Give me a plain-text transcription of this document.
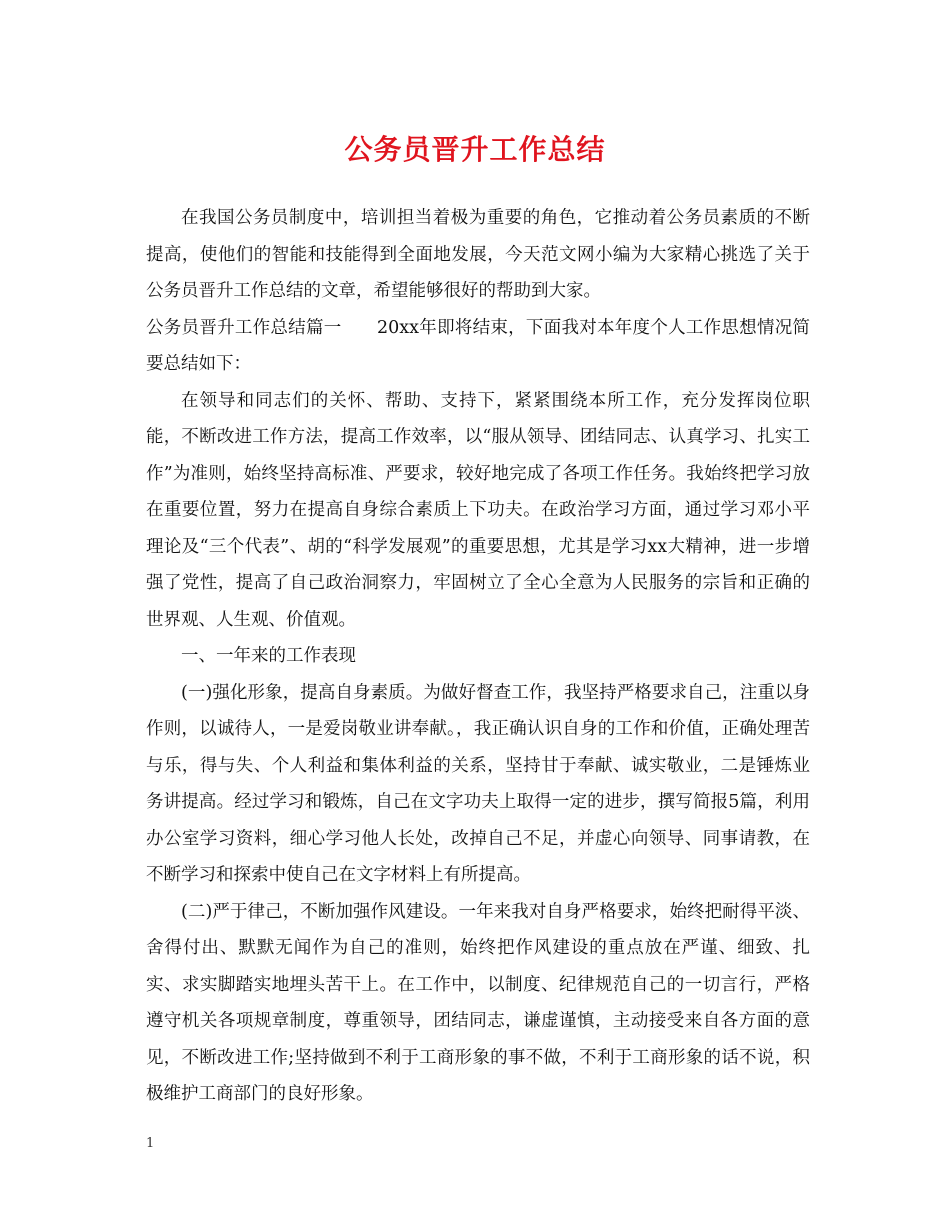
公务员晋升工作总结

在我国公务员制度中，培训担当着极为重要的角色，它推动着公务员素质的不断提高，使他们的智能和技能得到全面地发展，今天范文网小编为大家精心挑选了关于公务员晋升工作总结的文章，希望能够很好的帮助到大家。

公务员晋升工作总结篇一　　20xx年即将结束，下面我对本年度个人工作思想情况简要总结如下：

在领导和同志们的关怀、帮助、支持下，紧紧围绕本所工作，充分发挥岗位职能，不断改进工作方法，提高工作效率，以“服从领导、团结同志、认真学习、扎实工作”为准则，始终坚持高标准、严要求，较好地完成了各项工作任务。我始终把学习放在重要位置，努力在提高自身综合素质上下功夫。在政治学习方面，通过学习邓小平理论及“三个代表”、胡的“科学发展观”的重要思想，尤其是学习xx大精神，进一步增强了党性，提高了自己政治洞察力，牢固树立了全心全意为人民服务的宗旨和正确的世界观、人生观、价值观。

一、一年来的工作表现

(一)强化形象，提高自身素质。为做好督查工作，我坚持严格要求自己，注重以身作则，以诚待人，一是爱岗敬业讲奉献。，我正确认识自身的工作和价值，正确处理苦与乐，得与失、个人利益和集体利益的关系，坚持甘于奉献、诚实敬业，二是锤炼业务讲提高。经过学习和锻炼，自己在文字功夫上取得一定的进步，撰写简报5篇，利用办公室学习资料，细心学习他人长处，改掉自己不足，并虚心向领导、同事请教，在不断学习和探索中使自己在文字材料上有所提高。

(二)严于律己，不断加强作风建设。一年来我对自身严格要求，始终把耐得平淡、舍得付出、默默无闻作为自己的准则，始终把作风建设的重点放在严谨、细致、扎实、求实脚踏实地埋头苦干上。在工作中，以制度、纪律规范自己的一切言行，严格遵守机关各项规章制度，尊重领导，团结同志，谦虚谨慎，主动接受来自各方面的意见，不断改进工作;坚持做到不利于工商形象的事不做，不利于工商形象的话不说，积极维护工商部门的良好形象。

1
